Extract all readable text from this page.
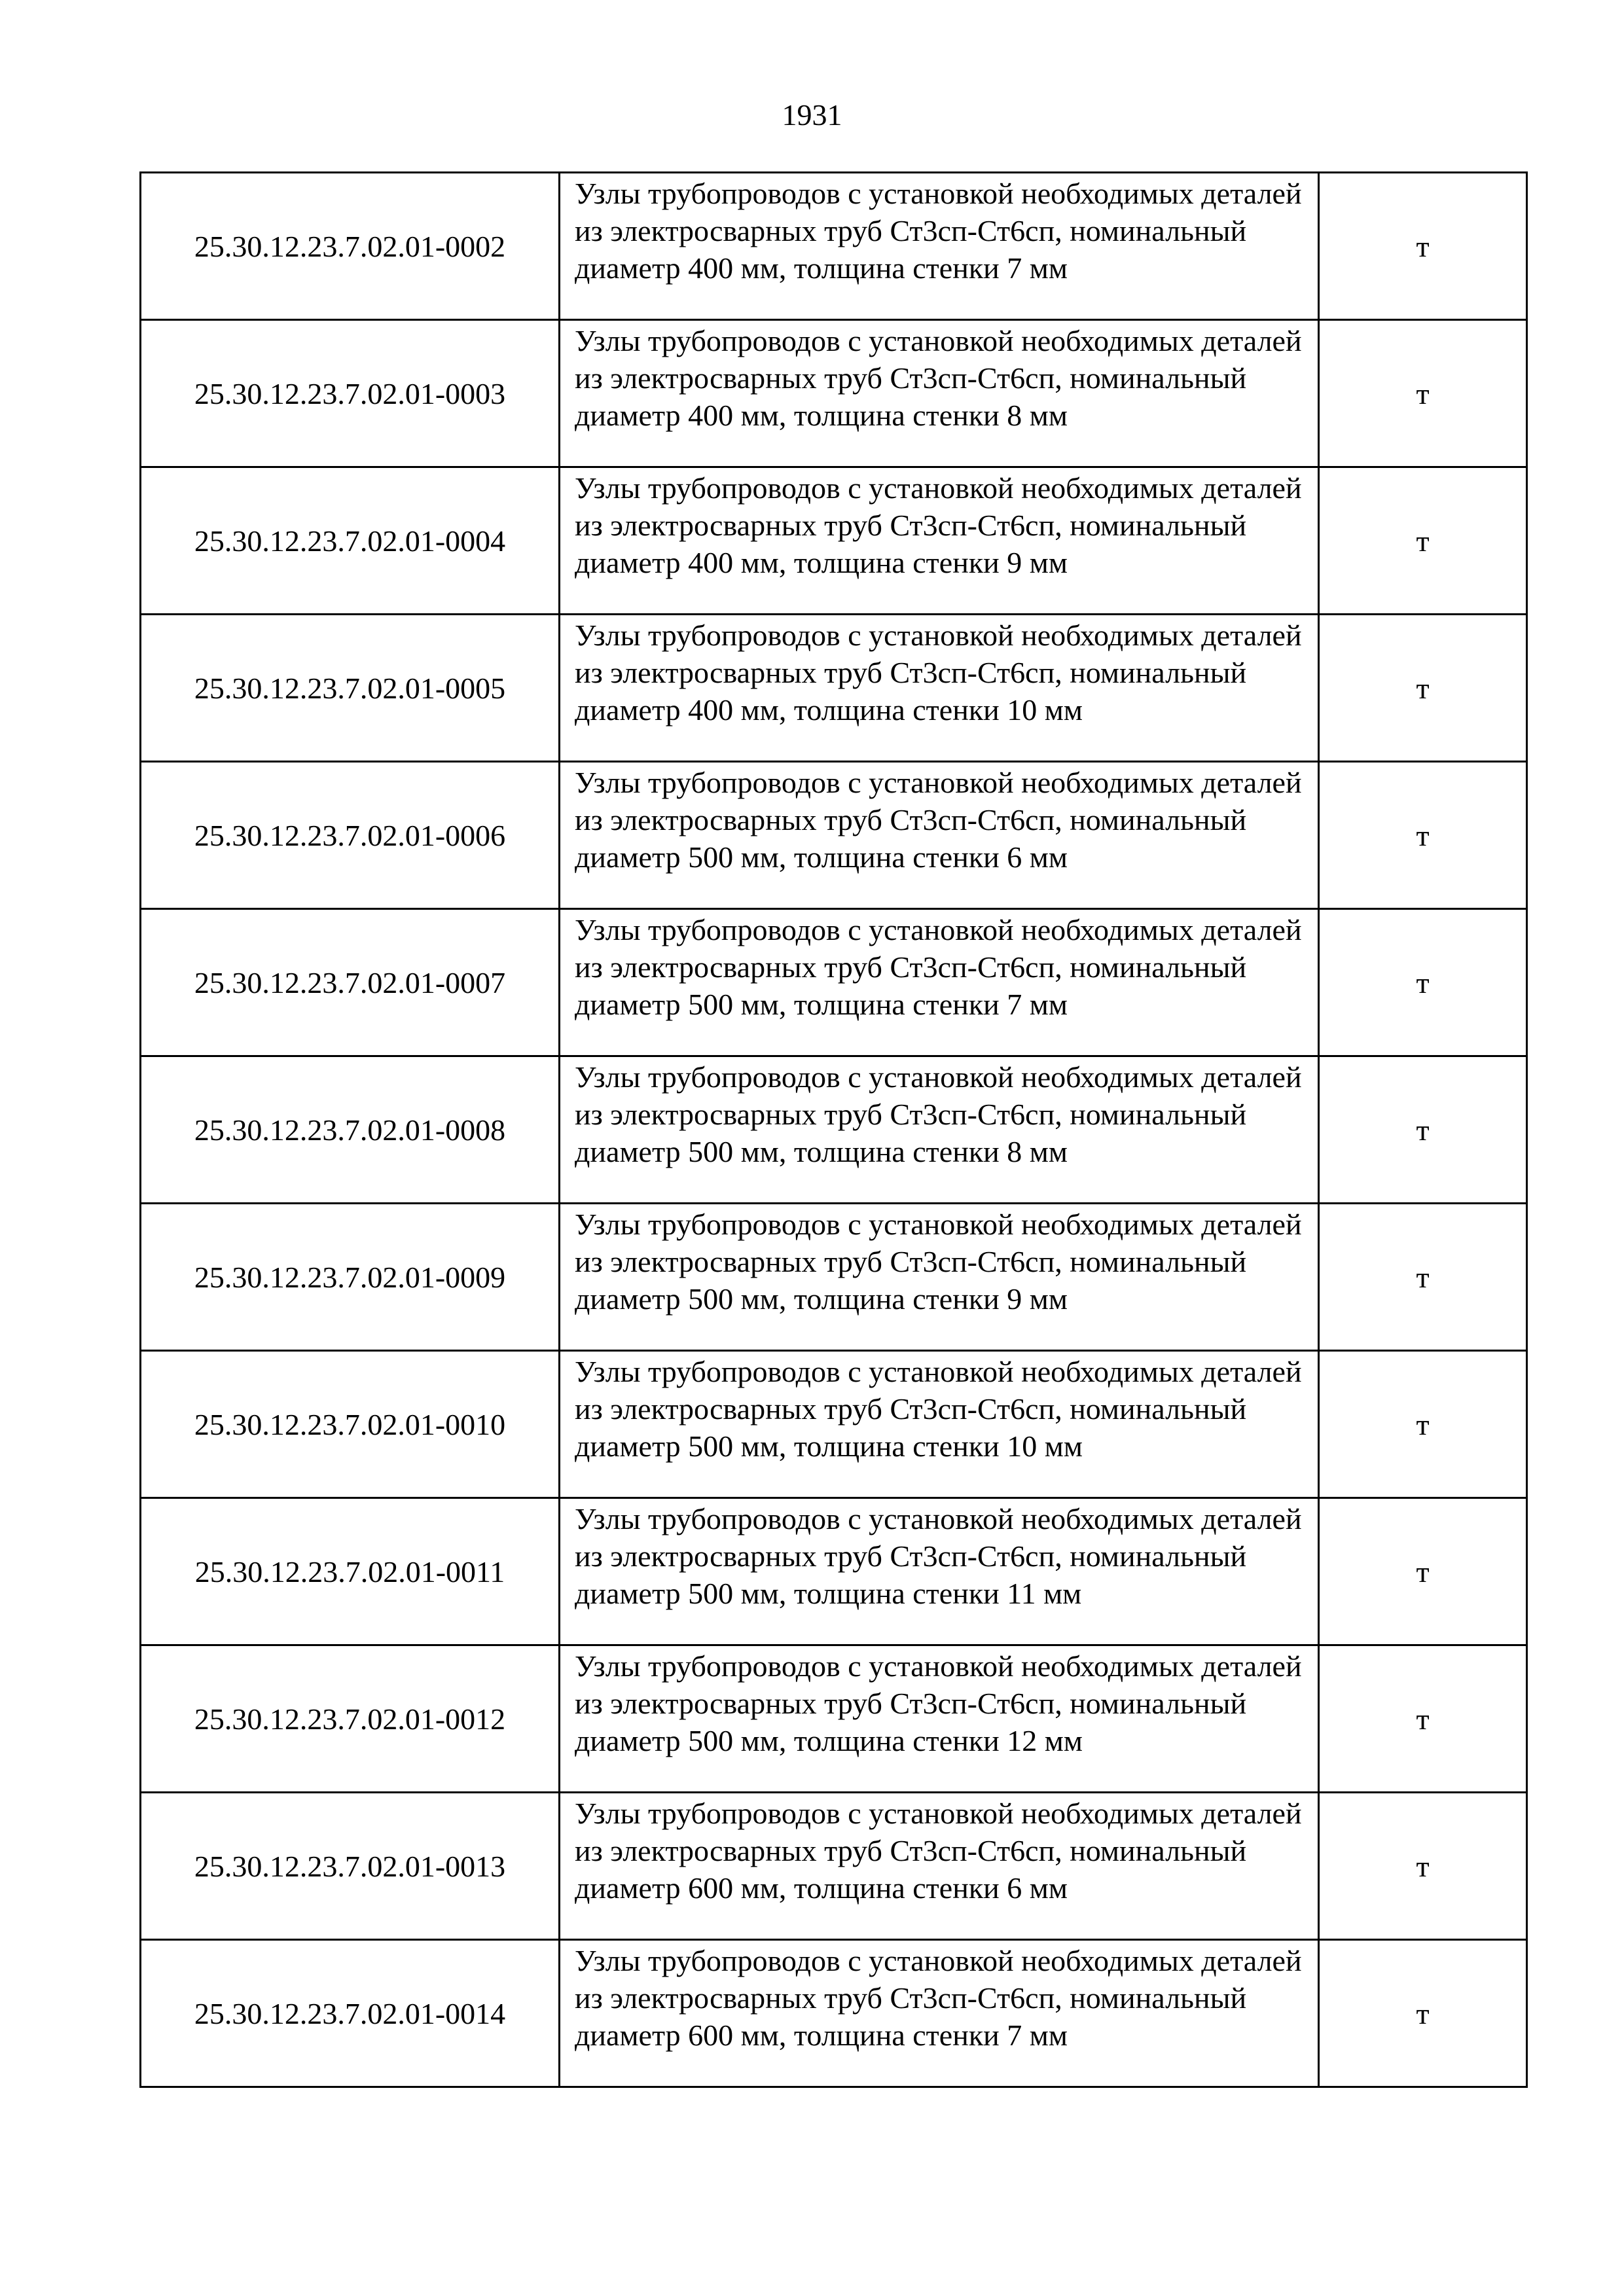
1931
25.30.12.23.7.02.01-0002	Узлы трубопроводов с установкой необходимых деталей из электросварных труб Ст3сп-Ст6сп, номинальный диаметр 400 мм, толщина стенки 7 мм	т
25.30.12.23.7.02.01-0003	Узлы трубопроводов с установкой необходимых деталей из электросварных труб Ст3сп-Ст6сп, номинальный диаметр 400 мм, толщина стенки 8 мм	т
25.30.12.23.7.02.01-0004	Узлы трубопроводов с установкой необходимых деталей из электросварных труб Ст3сп-Ст6сп, номинальный диаметр 400 мм, толщина стенки 9 мм	т
25.30.12.23.7.02.01-0005	Узлы трубопроводов с установкой необходимых деталей из электросварных труб Ст3сп-Ст6сп, номинальный диаметр 400 мм, толщина стенки 10 мм	т
25.30.12.23.7.02.01-0006	Узлы трубопроводов с установкой необходимых деталей из электросварных труб Ст3сп-Ст6сп, номинальный диаметр 500 мм, толщина стенки 6 мм	т
25.30.12.23.7.02.01-0007	Узлы трубопроводов с установкой необходимых деталей из электросварных труб Ст3сп-Ст6сп, номинальный диаметр 500 мм, толщина стенки 7 мм	т
25.30.12.23.7.02.01-0008	Узлы трубопроводов с установкой необходимых деталей из электросварных труб Ст3сп-Ст6сп, номинальный диаметр 500 мм, толщина стенки 8 мм	т
25.30.12.23.7.02.01-0009	Узлы трубопроводов с установкой необходимых деталей из электросварных труб Ст3сп-Ст6сп, номинальный диаметр 500 мм, толщина стенки 9 мм	т
25.30.12.23.7.02.01-0010	Узлы трубопроводов с установкой необходимых деталей из электросварных труб Ст3сп-Ст6сп, номинальный диаметр 500 мм, толщина стенки 10 мм	т
25.30.12.23.7.02.01-0011	Узлы трубопроводов с установкой необходимых деталей из электросварных труб Ст3сп-Ст6сп, номинальный диаметр 500 мм, толщина стенки 11 мм	т
25.30.12.23.7.02.01-0012	Узлы трубопроводов с установкой необходимых деталей из электросварных труб Ст3сп-Ст6сп, номинальный диаметр 500 мм, толщина стенки 12 мм	т
25.30.12.23.7.02.01-0013	Узлы трубопроводов с установкой необходимых деталей из электросварных труб Ст3сп-Ст6сп, номинальный диаметр 600 мм, толщина стенки 6 мм	т
25.30.12.23.7.02.01-0014	Узлы трубопроводов с установкой необходимых деталей из электросварных труб Ст3сп-Ст6сп, номинальный диаметр 600 мм, толщина стенки 7 мм	т
